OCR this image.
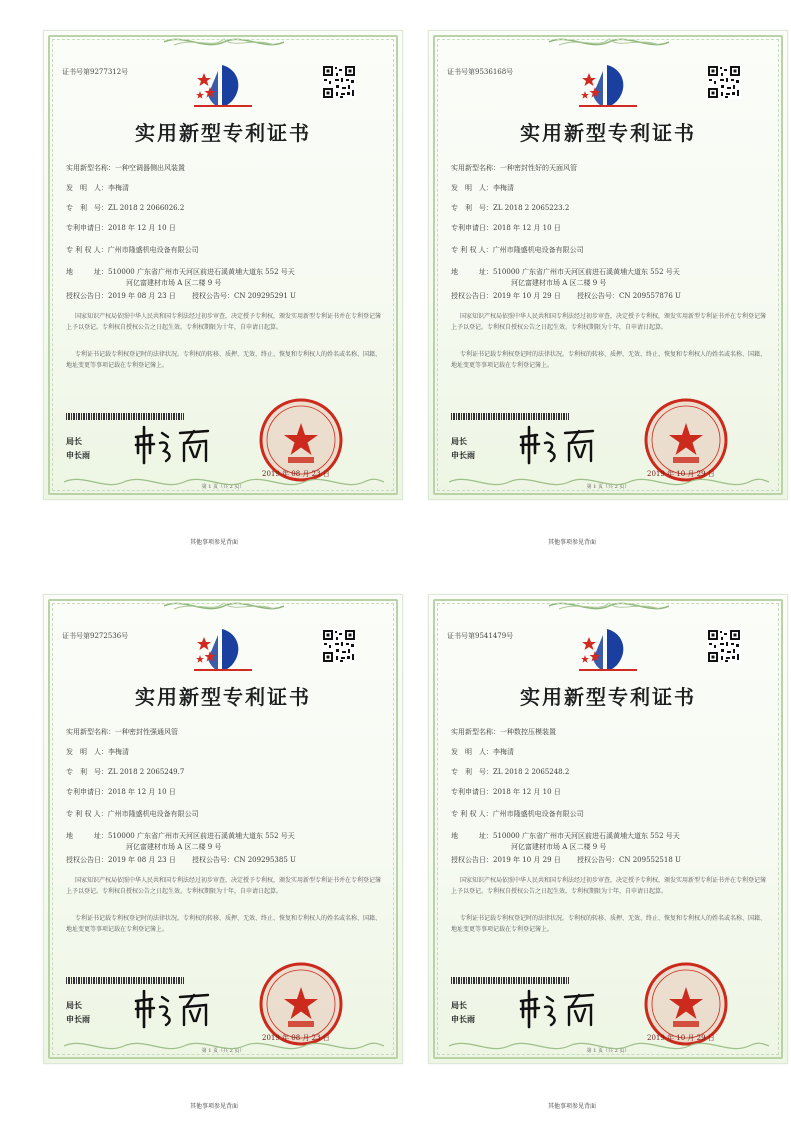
证书号第9277312号
实用新型专利证书
实用新型名称：一种空调器侧出风装置
发　明　人：李梅清
专　利　号：ZL 2018 2 2066026.2
专利申请日：2018 年 12 月 10 日
专 利 权 人：广州市隆盛机电设备有限公司
地　　　址：510000 广东省广州市天河区前进石溪黄埔大道东 552 号天
河亿富建材市场 A 区二楼 9 号
授权公告日：2019 年 08 月 23 日 授权公告号：CN 209295291 U
国家知识产权局依照中华人民共和国专利法经过初步审查，决定授予专利权，颁发实用新型专利证书并在专利登记簿上予以登记。专利权自授权公告之日起生效。专利权期限为十年，自申请日起算。
专利证书记载专利权登记时的法律状况。专利权的转移、质押、无效、终止、恢复和专利权人的姓名或名称、国籍、地址变更等事项记载在专利登记簿上。
局长
申长雨
2019 年 08 月 23 日
第 1 页（共 2 页）
其他事项参见背面
证书号第9536168号
实用新型专利证书
实用新型名称：一种密封性好的天面风管
发　明　人：李梅清
专　利　号：ZL 2018 2 2065223.2
专利申请日：2018 年 12 月 10 日
专 利 权 人：广州市隆盛机电设备有限公司
地　　　址：510000 广东省广州市天河区前进石溪黄埔大道东 552 号天
河亿富建材市场 A 区二楼 9 号
授权公告日：2019 年 10 月 29 日 授权公告号：CN 209557876 U
国家知识产权局依照中华人民共和国专利法经过初步审查，决定授予专利权，颁发实用新型专利证书并在专利登记簿上予以登记。专利权自授权公告之日起生效。专利权期限为十年，自申请日起算。
专利证书记载专利权登记时的法律状况。专利权的转移、质押、无效、终止、恢复和专利权人的姓名或名称、国籍、地址变更等事项记载在专利登记簿上。
局长
申长雨
2019 年 10 月 29 日
第 1 页（共 2 页）
其他事项参见背面
证书号第9272536号
实用新型专利证书
实用新型名称：一种密封性强通风管
发　明　人：李梅清
专　利　号：ZL 2018 2 2065249.7
专利申请日：2018 年 12 月 10 日
专 利 权 人：广州市隆盛机电设备有限公司
地　　　址：510000 广东省广州市天河区前进石溪黄埔大道东 552 号天
河亿富建材市场 A 区二楼 9 号
授权公告日：2019 年 08 月 23 日 授权公告号：CN 209295385 U
国家知识产权局依照中华人民共和国专利法经过初步审查，决定授予专利权，颁发实用新型专利证书并在专利登记簿上予以登记。专利权自授权公告之日起生效。专利权期限为十年，自申请日起算。
专利证书记载专利权登记时的法律状况。专利权的转移、质押、无效、终止、恢复和专利权人的姓名或名称、国籍、地址变更等事项记载在专利登记簿上。
局长
申长雨
2019 年 08 月 23 日
第 1 页（共 2 页）
其他事项参见背面
证书号第9541479号
实用新型专利证书
实用新型名称：一种数控压模装置
发　明　人：李梅清
专　利　号：ZL 2018 2 2065248.2
专利申请日：2018 年 12 月 10 日
专 利 权 人：广州市隆盛机电设备有限公司
地　　　址：510000 广东省广州市天河区前进石溪黄埔大道东 552 号天
河亿富建材市场 A 区二楼 9 号
授权公告日：2019 年 10 月 29 日 授权公告号：CN 209552518 U
国家知识产权局依照中华人民共和国专利法经过初步审查，决定授予专利权，颁发实用新型专利证书并在专利登记簿上予以登记。专利权自授权公告之日起生效。专利权期限为十年，自申请日起算。
专利证书记载专利权登记时的法律状况。专利权的转移、质押、无效、终止、恢复和专利权人的姓名或名称、国籍、地址变更等事项记载在专利登记簿上。
局长
申长雨
2019 年 10 月 29 日
第 1 页（共 2 页）
其他事项参见背面
